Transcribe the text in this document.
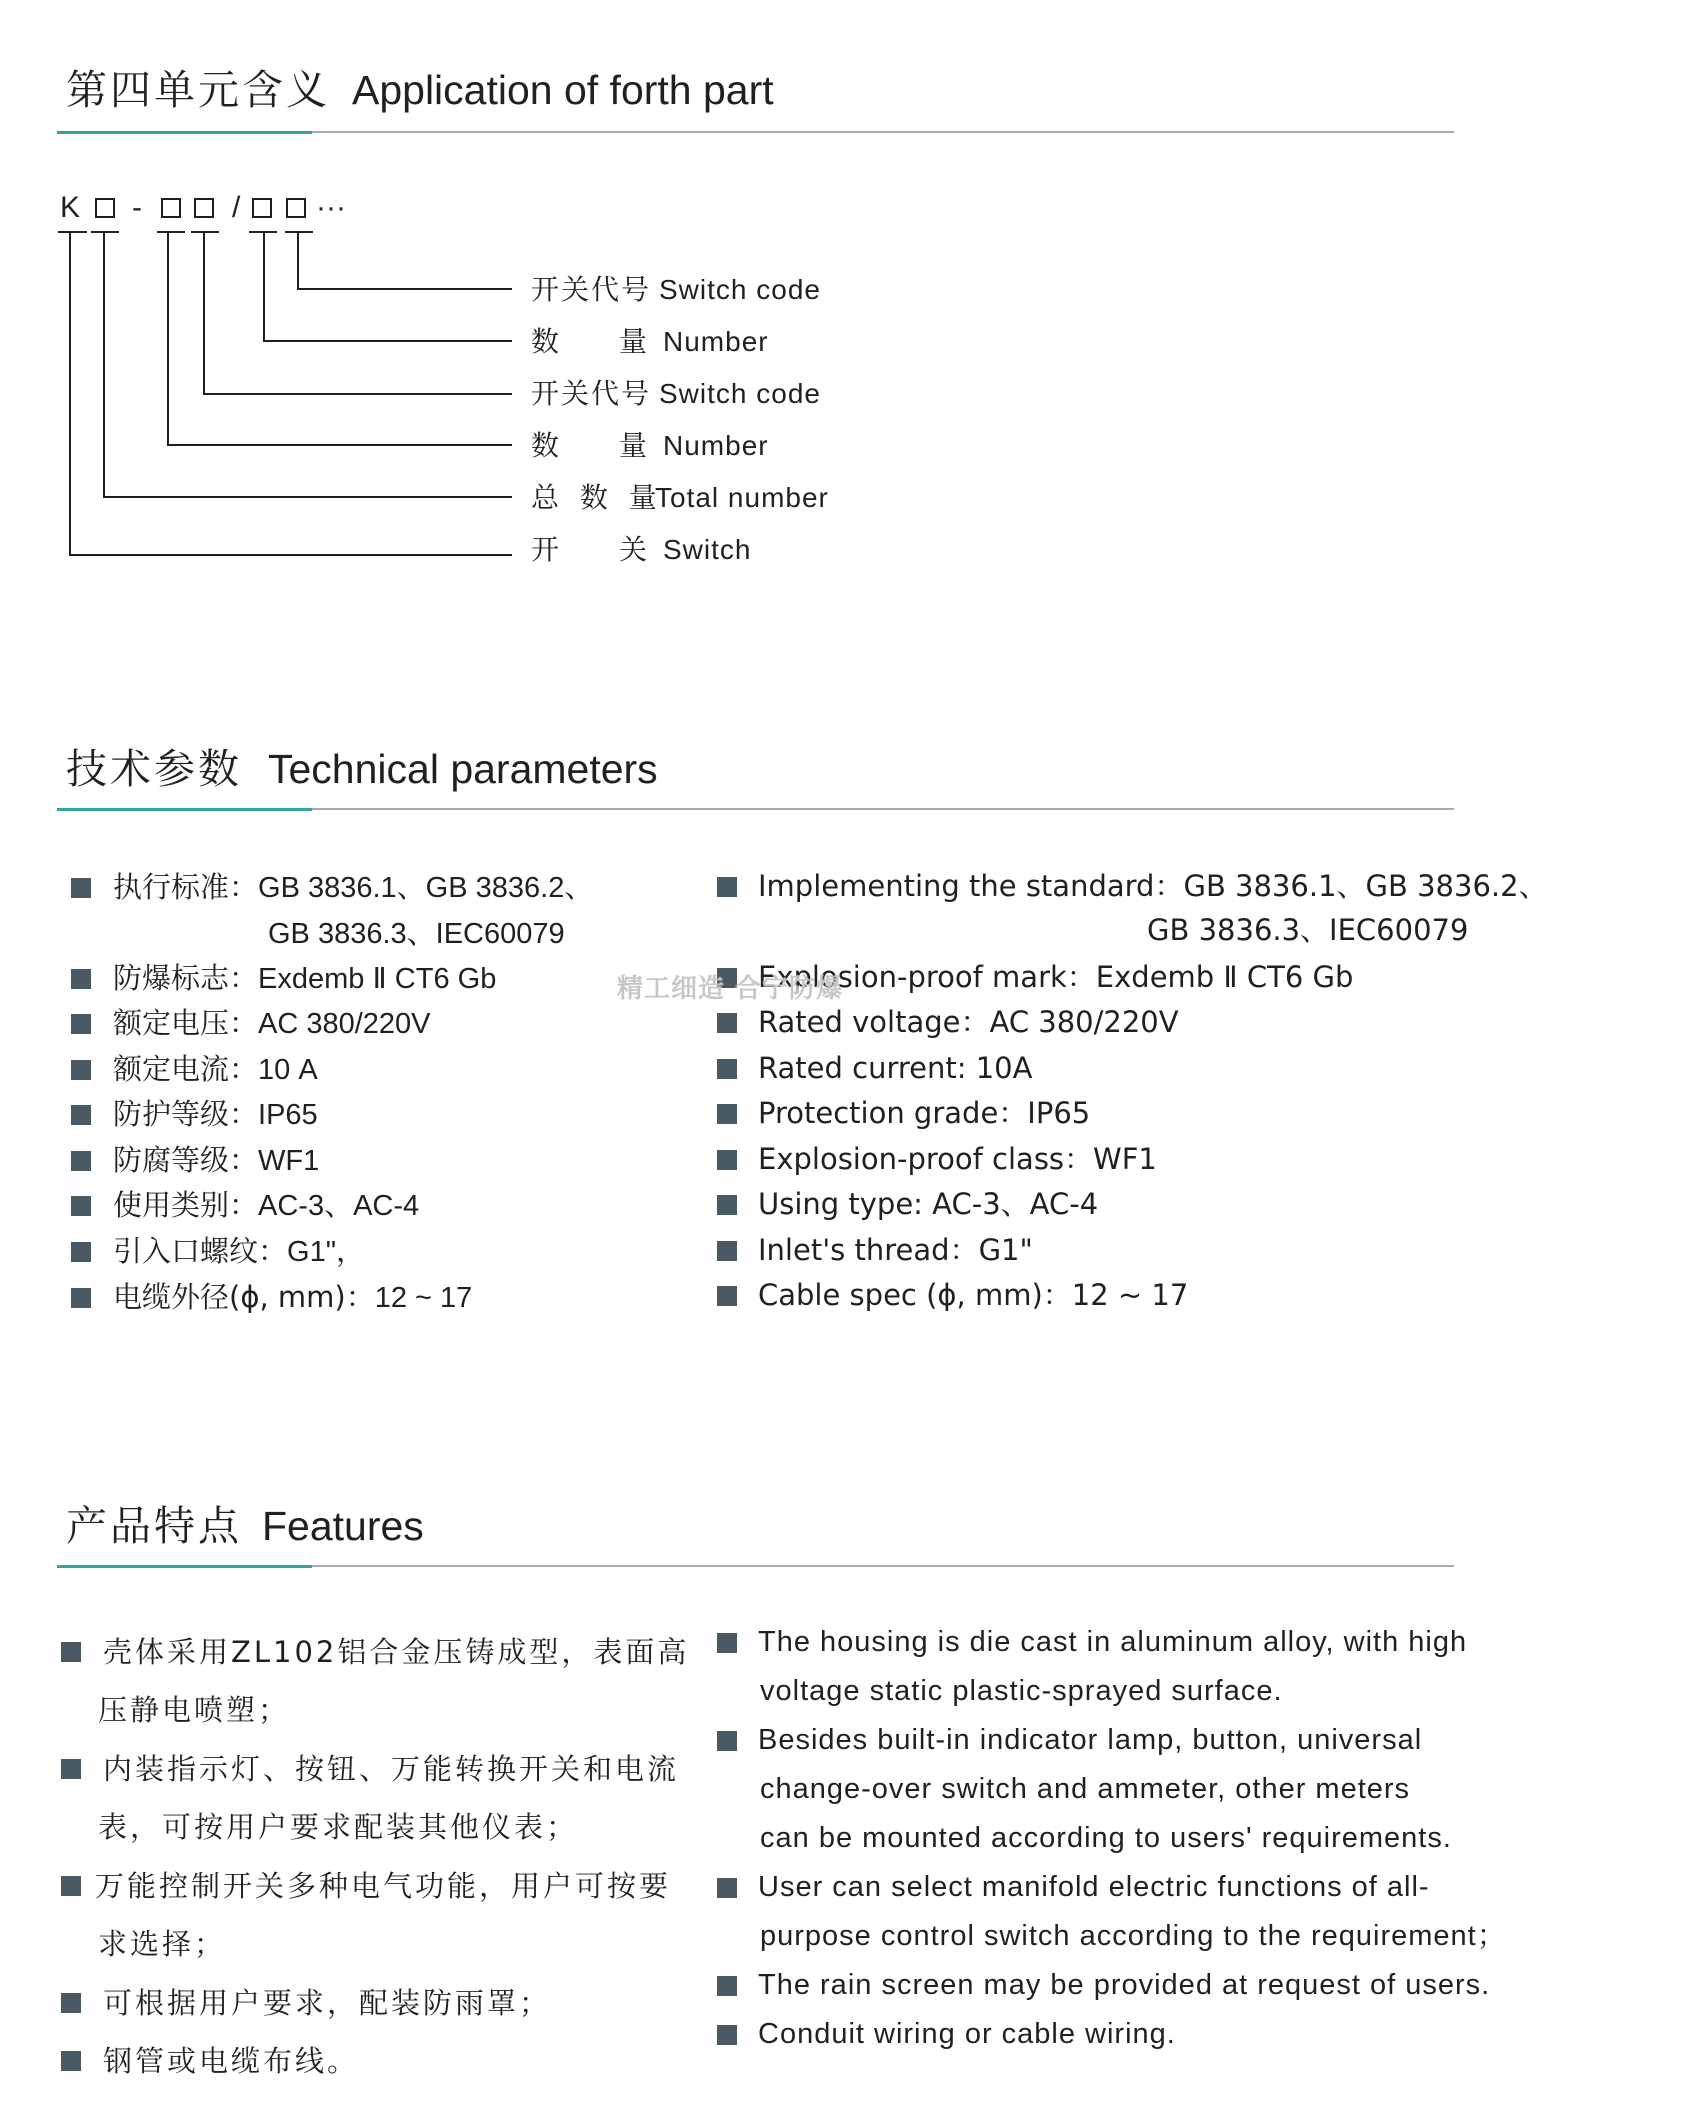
第四单元含义 Application of forth part
K -	/	···
开关代号 Switch code
数 量 Number
开关代号 Switch code
数 量 Number
总 数 量Total number
开 关 Switch
技术参数 Technical parameters
执行标准：GB 3836.1、GB 3836.2、
GB 3836.3、IEC60079
防爆标志：Exdemb Ⅱ CT6 Gb
额定电压：AC 380/220V
额定电流：10 A
防护等级：IP65
防腐等级：WF1
使用类别：AC-3、AC-4
引入口螺纹：G1"，
电缆外径(ϕ, mm)：12 ~ 17
Implementing the standard：GB 3836.1、GB 3836.2、
GB 3836.3、IEC60079
Explosion-proof mark：Exdemb Ⅱ CT6 Gb
Rated voltage：AC 380/220V
Rated current: 10A
Protection grade：IP65
Explosion-proof class：WF1
Using type: AC-3、AC-4
Inlet's thread：G1"
Cable spec (ϕ, mm)：12 ~ 17
精工细造 合宁防爆
产品特点 Features
壳体采用ZL102铝合金压铸成型，表面高
压静电喷塑；
内装指示灯、按钮、万能转换开关和电流
表，可按用户要求配装其他仪表；
万能控制开关多种电气功能，用户可按要
求选择；
可根据用户要求，配装防雨罩；
钢管或电缆布线。
The housing is die cast in aluminum alloy, with high
voltage static plastic-sprayed surface.
Besides built-in indicator lamp, button, universal
change-over switch and ammeter, other meters
can be mounted according to users' requirements.
User can select manifold electric functions of all-
purpose control switch according to the requirement；
The rain screen may be provided at request of users.
Conduit wiring or cable wiring.
